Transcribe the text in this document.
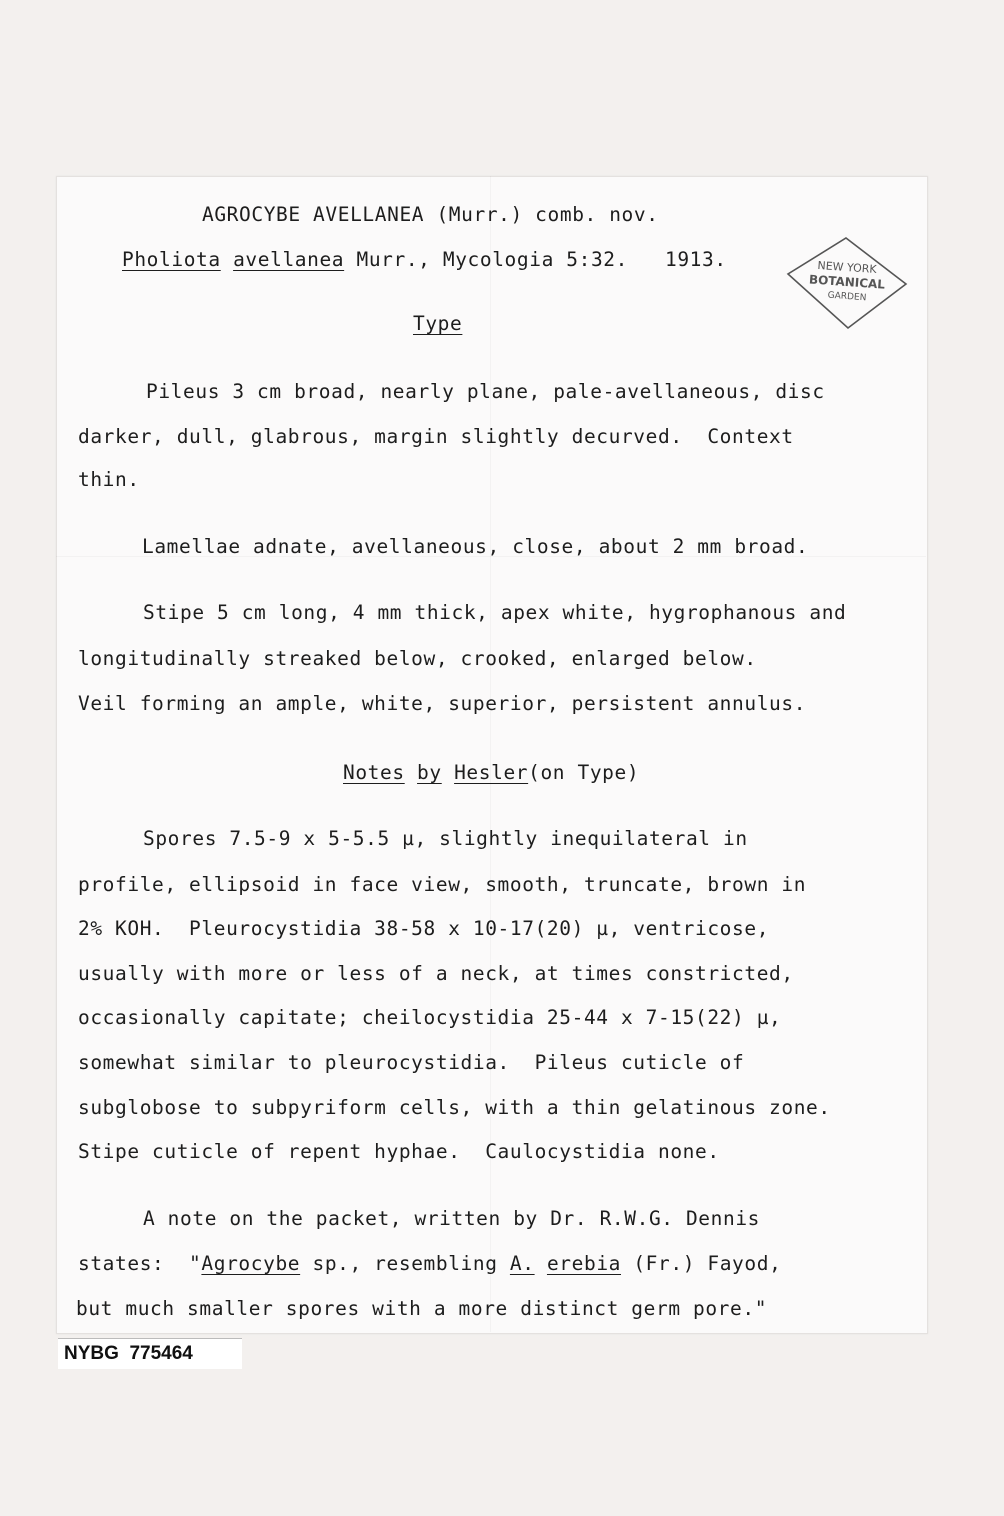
AGROCYBE AVELLANEA (Murr.) comb. nov.

Pholiota avellanea Murr., Mycologia 5:32.   1913.	NEW YORK
BOTANICAL
GARDEN

Type

Pileus 3 cm broad, nearly plane, pale-avellaneous, disc

darker, dull, glabrous, margin slightly decurved.  Context

thin.

Lamellae adnate, avellaneous, close, about 2 mm broad.

Stipe 5 cm long, 4 mm thick, apex white, hygrophanous and

longitudinally streaked below, crooked, enlarged below.

Veil forming an ample, white, superior, persistent annulus.

Notes by Hesler(on Type)

Spores 7.5-9 x 5-5.5 µ, slightly inequilateral in

profile, ellipsoid in face view, smooth, truncate, brown in

2% KOH.  Pleurocystidia 38-58 x 10-17(20) µ, ventricose,

usually with more or less of a neck, at times constricted,

occasionally capitate; cheilocystidia 25-44 x 7-15(22) µ,

somewhat similar to pleurocystidia.  Pileus cuticle of

subglobose to subpyriform cells, with a thin gelatinous zone.

Stipe cuticle of repent hyphae.  Caulocystidia none.

A note on the packet, written by Dr. R.W.G. Dennis

states:  "Agrocybe sp., resembling A. erebia (Fr.) Fayod,

but much smaller spores with a more distinct germ pore."

NYBG  775464
